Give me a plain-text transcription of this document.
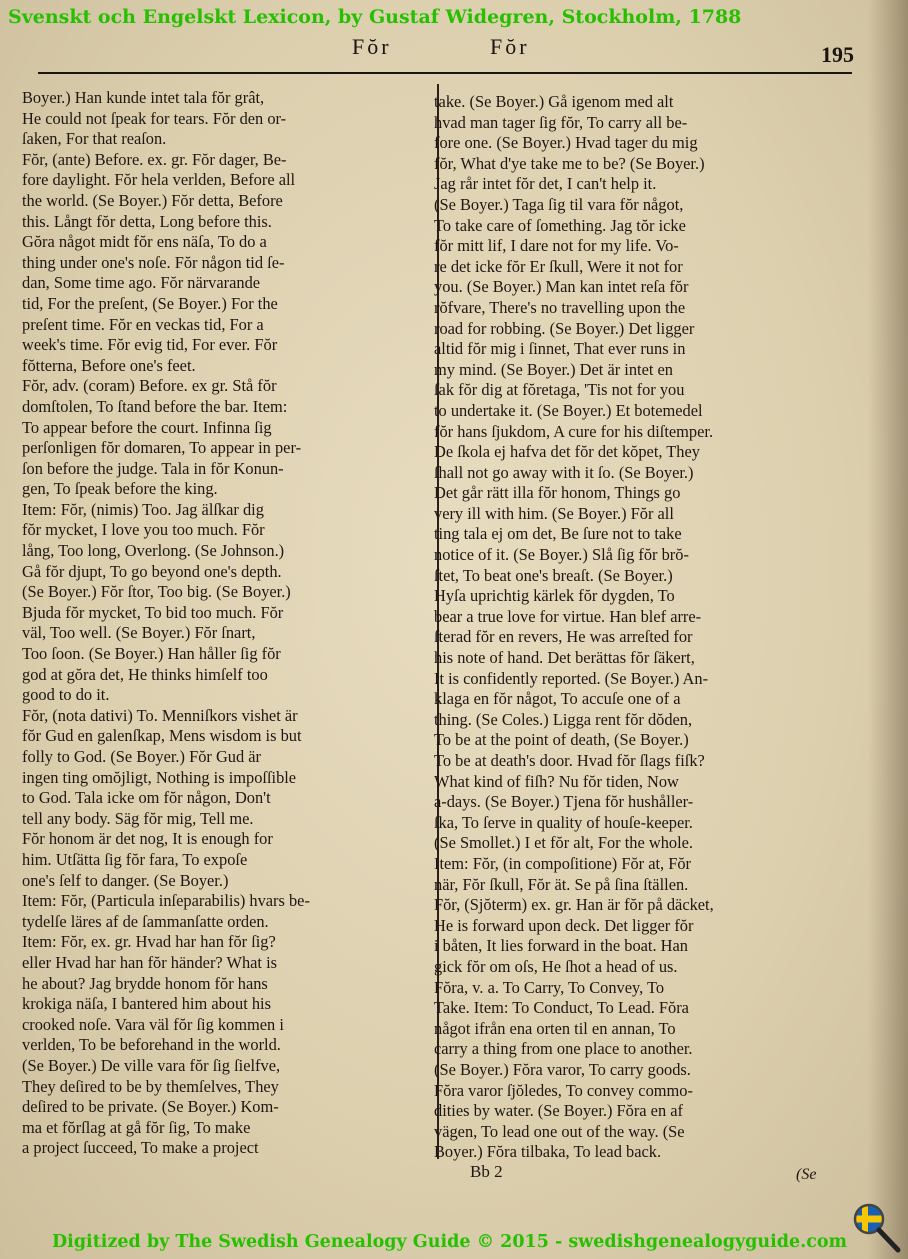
Svenskt och Engelskt Lexicon, by Gustaf Widegren, Stockholm, 1788
Fŏr	Fŏr	195
Boyer.) Han kunde intet tala fŏr grât,
He could not ſpeak for tears. Fŏr den or-
ſaken, For that reaſon.
Fŏr, (ante) Before. ex. gr. Fŏr dager, Be-
fore daylight. Fŏr hela verlden, Before all
the world. (Se Boyer.) Fŏr detta, Before
this. Långt fŏr detta, Long before this.
Gŏra något midt fŏr ens näſa, To do a
thing under one's noſe. Fŏr någon tid ſe-
dan, Some time ago. Fŏr närvarande
tid, For the preſent, (Se Boyer.) For the
preſent time. Fŏr en veckas tid, For a
week's time. Fŏr evig tid, For ever. Fŏr
fŏtterna, Before one's feet.
Fŏr, adv. (coram) Before. ex gr. Stå fŏr
domſtolen, To ſtand before the bar. Item:
To appear before the court. Infinna ſig
perſonligen fŏr domaren, To appear in per-
ſon before the judge. Tala in fŏr Konun-
gen, To ſpeak before the king.
Item: Fŏr, (nimis) Too. Jag älſkar dig
fŏr mycket, I love you too much. Fŏr
lång, Too long, Overlong. (Se Johnson.)
Gå fŏr djupt, To go beyond one's depth.
(Se Boyer.) Fŏr ſtor, Too big. (Se Boyer.)
Bjuda fŏr mycket, To bid too much. Fŏr
väl, Too well. (Se Boyer.) Fŏr ſnart,
Too ſoon. (Se Boyer.) Han håller ſig fŏr
god at gŏra det, He thinks himſelf too
good to do it.
Fŏr, (nota dativi) To. Menniſkors vishet är
fŏr Gud en galenſkap, Mens wisdom is but
folly to God. (Se Boyer.) Fŏr Gud är
ingen ting omŏjligt, Nothing is impoſſible
to God. Tala icke om fŏr någon, Don't
tell any body. Säg fŏr mig, Tell me.
Fŏr honom är det nog, It is enough for
him. Utſätta ſig fŏr fara, To expoſe
one's ſelf to danger. (Se Boyer.)
Item: Fŏr, (Particula inſeparabilis) hvars be-
tydelſe läres af de ſammanſatte orden.
Item: Fŏr, ex. gr. Hvad har han fŏr ſig?
eller Hvad har han fŏr händer? What is
he about? Jag brydde honom fŏr hans
krokiga näſa, I bantered him about his
crooked noſe. Vara väl fŏr ſig kommen i
verlden, To be beforehand in the world.
(Se Boyer.) De ville vara fŏr ſig ſielfve,
They deſired to be by themſelves, They
deſired to be private. (Se Boyer.) Kom-
ma et fŏrſlag at gå fŏr ſig, To make
a project ſucceed, To make a project
take. (Se Boyer.) Gå igenom med alt
hvad man tager ſig fŏr, To carry all be-
fore one. (Se Boyer.) Hvad tager du mig
fŏr, What d'ye take me to be? (Se Boyer.)
Jag rår intet fŏr det, I can't help it.
(Se Boyer.) Taga ſig til vara fŏr något,
To take care of ſomething. Jag tŏr icke
fŏr mitt lif, I dare not for my life. Vo-
re det icke fŏr Er ſkull, Were it not for
you. (Se Boyer.) Man kan intet reſa fŏr
rŏfvare, There's no travelling upon the
road for robbing. (Se Boyer.) Det ligger
altid fŏr mig i ſinnet, That ever runs in
my mind. (Se Boyer.) Det är intet en
ſak fŏr dig at fŏretaga, 'Tis not for you
to undertake it. (Se Boyer.) Et botemedel
fŏr hans ſjukdom, A cure for his diſtemper.
De ſkola ej hafva det fŏr det kŏpet, They
ſhall not go away with it ſo. (Se Boyer.)
Det går rätt illa fŏr honom, Things go
very ill with him. (Se Boyer.) Fŏr all
ting tala ej om det, Be ſure not to take
notice of it. (Se Boyer.) Slå ſig fŏr brŏ-
ſtet, To beat one's breaſt. (Se Boyer.)
Hyſa uprichtig kärlek fŏr dygden, To
bear a true love for virtue. Han blef arre-
ſterad fŏr en revers, He was arreſted for
his note of hand. Det berättas fŏr ſäkert,
It is confidently reported. (Se Boyer.) An-
klaga en fŏr något, To accuſe one of a
thing. (Se Coles.) Ligga rent fŏr dŏden,
To be at the point of death, (Se Boyer.)
To be at death's door. Hvad fŏr ſlags fiſk?
What kind of fiſh? Nu fŏr tiden, Now
a-days. (Se Boyer.) Tjena fŏr hushåller-
ſka, To ſerve in quality of houſe-keeper.
(Se Smollet.) I et fŏr alt, For the whole.
Item: Fŏr, (in compoſitione) Fŏr at, Fŏr
när, Fŏr ſkull, Fŏr ät. Se på ſina ſtällen.
Fŏr, (Sjŏterm) ex. gr. Han är fŏr på däcket,
He is forward upon deck. Det ligger fŏr
i båten, It lies forward in the boat. Han
gick fŏr om oſs, He ſhot a head of us.
Fŏra, v. a. To Carry, To Convey, To
Take. Item: To Conduct, To Lead. Fŏra
något ifrån ena orten til en annan, To
carry a thing from one place to another.
(Se Boyer.) Fŏra varor, To carry goods.
Fŏra varor ſjŏledes, To convey commo-
dities by water. (Se Boyer.) Fŏra en af
vägen, To lead one out of the way. (Se
Boyer.) Fŏra tilbaka, To lead back.
Bb 2	(Se
Digitized by The Swedish Genealogy Guide © 2015 - swedishgenealogyguide.com
